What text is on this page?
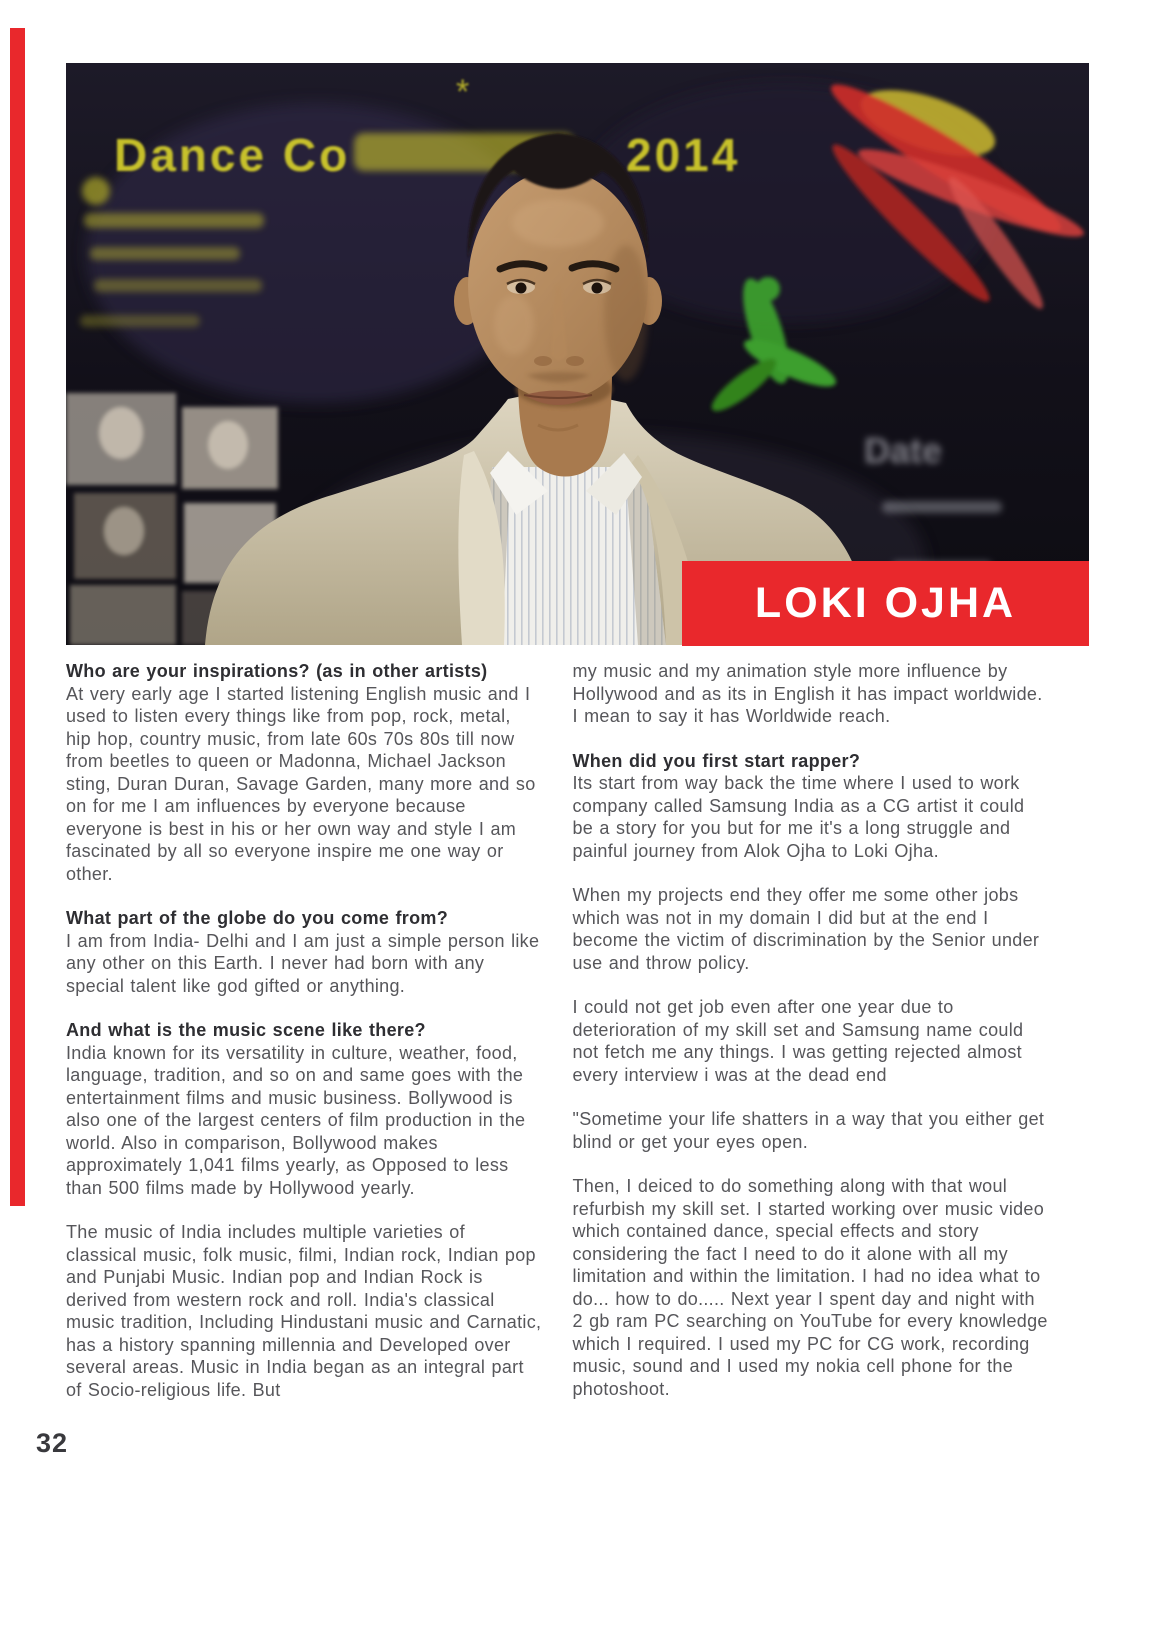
Dance Co	2014
*
Date
LOKI OJHA

Who are your inspirations? (as in other artists)

At very early age I started listening English music and I used to listen every things like from pop, rock, metal, hip hop, country music, from late 60s 70s 80s till now from beetles to queen or Madonna, Michael Jackson sting, Duran Duran, Savage Garden, many more and so on for me I am influences by everyone because everyone is best in his or her own way and style I am fascinated by all so everyone inspire me one way or other.

What part of the globe do you come from?

I am from India- Delhi and I am just a simple person like any other on this Earth. I never had born with any special talent like god gifted or anything.

And what is the music scene like there?

India known for its versatility in culture, weather, food, language, tradition, and so on and same goes with the entertainment films and music business. Bollywood is also one of the largest centers of film production in the world. Also in comparison, Bollywood makes approximately 1,041 films yearly, as Opposed to less than 500 films made by Hollywood yearly.

The music of India includes multiple varieties of classical music, folk music, filmi, Indian rock, Indian pop and Punjabi Music. Indian pop and Indian Rock is derived from western rock and roll. India's classical music tradition, Including Hindustani music and Carnatic, has a history spanning millennia and Developed over several areas. Music in India began as an integral part of Socio-religious life. But

my music and my animation style more influence by Hollywood and as its in English it has impact worldwide. I mean to say it has Worldwide reach.

When did you first start rapper?

Its start from way back the time where I used to work company called Samsung India as a CG artist it could be a story for you but for me it's a long struggle and painful journey from Alok Ojha to Loki Ojha.

When my projects end they offer me some other jobs which was not in my domain I did but at the end I become the victim of discrimination by the Senior under use and throw policy.

I could not get job even after one year due to deterioration of my skill set and Samsung name could not fetch me any things. I was getting rejected almost every interview i was at the dead end

"Sometime your life shatters in a way that you either get blind or get your eyes open.

Then, I deiced to do something along with that woul refurbish my skill set. I started working over music video which contained dance, special effects and story considering the fact I need to do it alone with all my limitation and within the limitation. I had no idea what to do... how to do..... Next year I spent day and night with 2 gb ram PC searching on YouTube for every knowledge which I required. I used my PC for CG work, recording music, sound and I used my nokia cell phone for the photoshoot.

32
